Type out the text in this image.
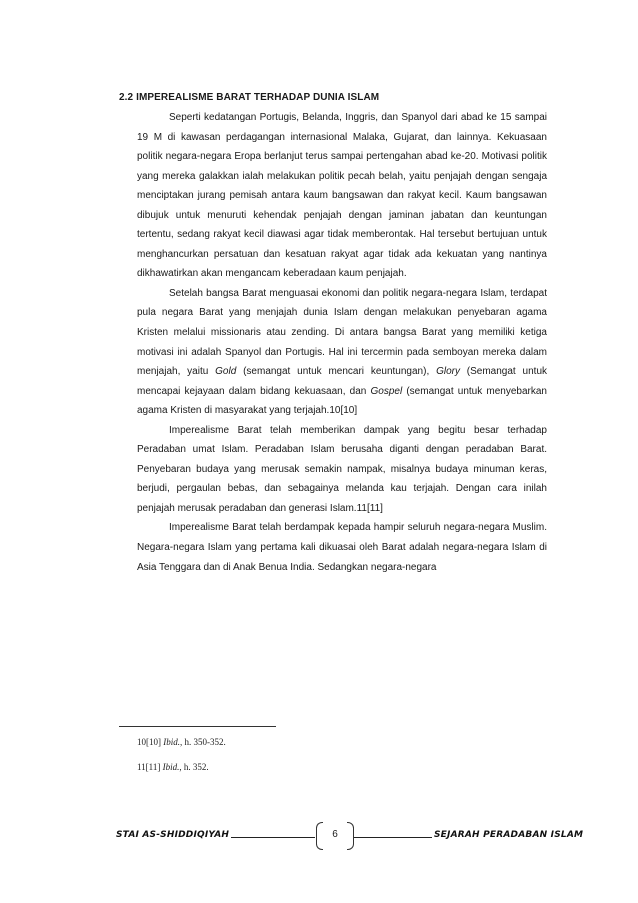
2.2 IMPEREALISME BARAT TERHADAP DUNIA ISLAM

Seperti kedatangan Portugis, Belanda, Inggris, dan Spanyol dari abad ke 15 sampai 19 M di kawasan perdagangan internasional Malaka, Gujarat, dan lainnya. Kekuasaan politik negara-negara Eropa berlanjut terus sampai pertengahan abad ke-20. Motivasi politik yang mereka galakkan ialah melakukan politik pecah belah, yaitu penjajah dengan sengaja menciptakan jurang pemisah antara kaum bangsawan dan rakyat kecil. Kaum bangsawan dibujuk untuk menuruti kehendak penjajah dengan jaminan jabatan dan keuntungan tertentu, sedang rakyat kecil diawasi agar tidak memberontak. Hal tersebut bertujuan untuk menghancurkan persatuan dan kesatuan rakyat agar tidak ada kekuatan yang nantinya dikhawatirkan akan mengancam keberadaan kaum penjajah.

Setelah bangsa Barat menguasai ekonomi dan politik negara-negara Islam, terdapat pula negara Barat yang menjajah dunia Islam dengan melakukan penyebaran agama Kristen melalui missionaris atau zending. Di antara bangsa Barat yang memiliki ketiga motivasi ini adalah Spanyol dan Portugis. Hal ini tercermin pada semboyan mereka dalam menjajah, yaitu Gold (semangat untuk mencari keuntungan), Glory (Semangat untuk mencapai kejayaan dalam bidang kekuasaan, dan Gospel (semangat untuk menyebarkan agama Kristen di masyarakat yang terjajah.10[10]

Imperealisme Barat telah memberikan dampak yang begitu besar terhadap Peradaban umat Islam. Peradaban Islam berusaha diganti dengan peradaban Barat. Penyebaran budaya yang merusak semakin nampak, misalnya budaya minuman keras, berjudi, pergaulan bebas, dan sebagainya melanda kau terjajah. Dengan cara inilah penjajah merusak peradaban dan generasi Islam.11[11]

Imperealisme Barat telah berdampak kepada hampir seluruh negara-negara Muslim. Negara-negara Islam yang pertama kali dikuasai oleh Barat adalah negara-negara Islam di Asia Tenggara dan di Anak Benua India. Sedangkan negara-negara

10[10] Ibid., h. 350-352.
11[11] Ibid., h. 352.
STAI AS-SHIDDIQIYAH	SEJARAH PERADABAN ISLAM
6
